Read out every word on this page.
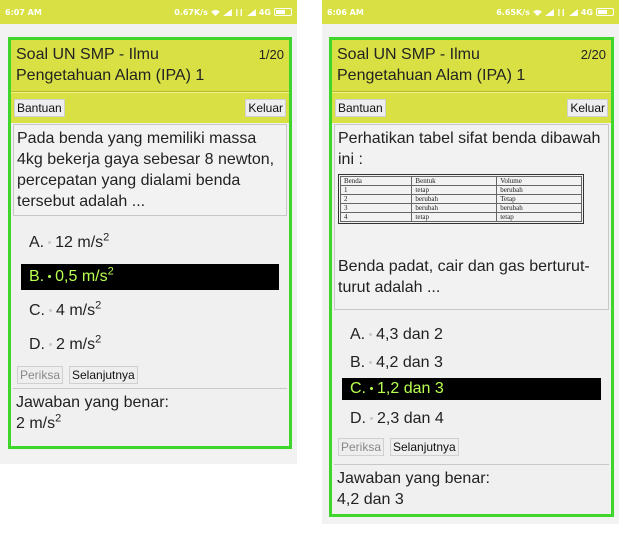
6:07 AM	0.67K/s	4G
Soal UN SMP - Ilmu Pengetahuan Alam (IPA) 1
1/20
Bantuan	Keluar
Pada benda yang memiliki massa 4kg bekerja gaya sebesar 8 newton, percepatan yang dialami benda tersebut adalah ...
A. 12 $m/s^2$
B. 0,5 $m/s^2$
C. 4 $m/s^2$
D. 2 $m/s^2$
Periksa Selanjutnya
Jawaban yang benar:
2 $m/s^2$
6:06 AM	6.65K/s	4G
Soal UN SMP - Ilmu Pengetahuan Alam (IPA) 1
2/20
Bantuan	Keluar
Perhatikan tabel sifat benda dibawah ini :
Benda	Bentuk	Volume
1	tetap	berubah
2	berubah	Tetap
3	berubah	berubah
4	tetap	tetap
Benda padat, cair dan gas berturut-turut adalah ...
A. 4,3 dan 2
B. 4,2 dan 3
C. 1,2 dan 3
D. 2,3 dan 4
Periksa Selanjutnya
Jawaban yang benar:
4,2 dan 3
